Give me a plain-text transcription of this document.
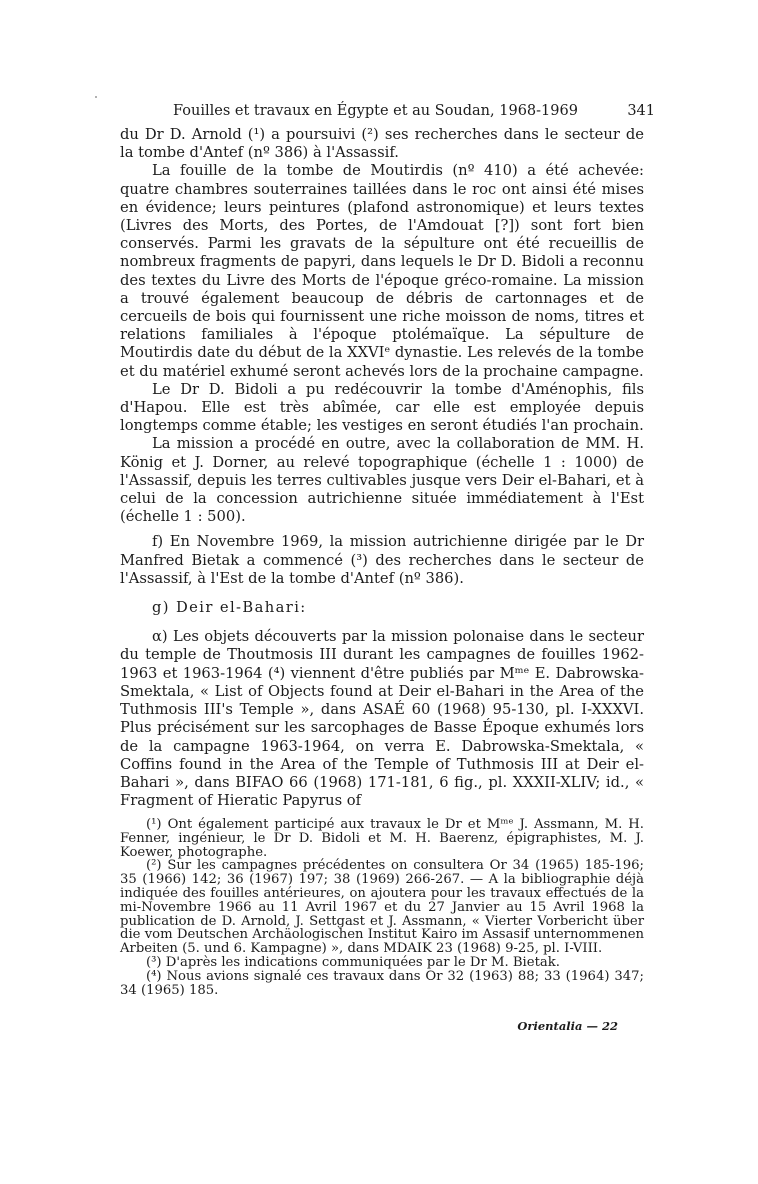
Fouilles et travaux en Égypte et au Soudan, 1968-1969	341

du Dr D. Arnold (¹) a poursuivi (²) ses recherches dans le secteur de la tombe d'Antef (nº 386) à l'Assassif.

La fouille de la tombe de Moutirdis (nº 410) a été achevée: quatre chambres souterraines taillées dans le roc ont ainsi été mises en évidence; leurs peintures (plafond astronomique) et leurs textes (Livres des Morts, des Portes, de l'Amdouat [?]) sont fort bien conservés. Parmi les gravats de la sépulture ont été recueillis de nombreux fragments de papyri, dans lequels le Dr D. Bidoli a reconnu des textes du Livre des Morts de l'époque gréco-romaine. La mission a trouvé également beaucoup de débris de cartonnages et de cercueils de bois qui fournissent une riche moisson de noms, titres et relations familiales à l'époque ptolémaïque. La sépulture de Moutirdis date du début de la XXVIᵉ dynastie. Les relevés de la tombe et du matériel exhumé seront achevés lors de la prochaine campagne.

Le Dr D. Bidoli a pu redécouvrir la tombe d'Aménophis, fils d'Hapou. Elle est très abîmée, car elle est employée depuis longtemps comme étable; les vestiges en seront étudiés l'an prochain.

La mission a procédé en outre, avec la collaboration de MM. H. König et J. Dorner, au relevé topographique (échelle 1 : 1000) de l'Assassif, depuis les terres cultivables jusque vers Deir el-Bahari, et à celui de la concession autrichienne située immédiatement à l'Est (échelle 1 : 500).

f) En Novembre 1969, la mission autrichienne dirigée par le Dr Manfred Bietak a commencé (³) des recherches dans le secteur de l'Assassif, à l'Est de la tombe d'Antef (nº 386).

g) Deir el-Bahari:

α) Les objets découverts par la mission polonaise dans le secteur du temple de Thoutmosis III durant les campagnes de fouilles 1962-1963 et 1963-1964 (⁴) viennent d'être publiés par Mᵐᵉ E. Dabrowska-Smektala, « List of Objects found at Deir el-Bahari in the Area of the Tuthmosis III's Temple », dans ASAÉ 60 (1968) 95-130, pl. I-XXXVI. Plus précisément sur les sarcophages de Basse Époque exhumés lors de la campagne 1963-1964, on verra E. Dabrowska-Smektala, « Coffins found in the Area of the Temple of Tuthmosis III at Deir el-Bahari », dans BIFAO 66 (1968) 171-181, 6 fig., pl. XXXII-XLIV; id., « Fragment of Hieratic Papyrus of

(¹) Ont également participé aux travaux le Dr et Mᵐᵉ J. Assmann, M. H. Fenner, ingénieur, le Dr D. Bidoli et M. H. Baerenz, épigraphistes, M. J. Koewer, photographe.

(²) Sur les campagnes précédentes on consultera Or 34 (1965) 185-196; 35 (1966) 142; 36 (1967) 197; 38 (1969) 266-267. — A la bibliographie déjà indiquée des fouilles antérieures, on ajoutera pour les travaux effectués de la mi-Novembre 1966 au 11 Avril 1967 et du 27 Janvier au 15 Avril 1968 la publication de D. Arnold, J. Settgast et J. Assmann, « Vierter Vorbericht über die vom Deutschen Archäologischen Institut Kairo im Assasif unternommenen Arbeiten (5. und 6. Kampagne) », dans MDAIK 23 (1968) 9-25, pl. I-VIII.

(³) D'après les indications communiquées par le Dr M. Bietak.

(⁴) Nous avions signalé ces travaux dans Or 32 (1963) 88; 33 (1964) 347; 34 (1965) 185.

Orientalia — 22
